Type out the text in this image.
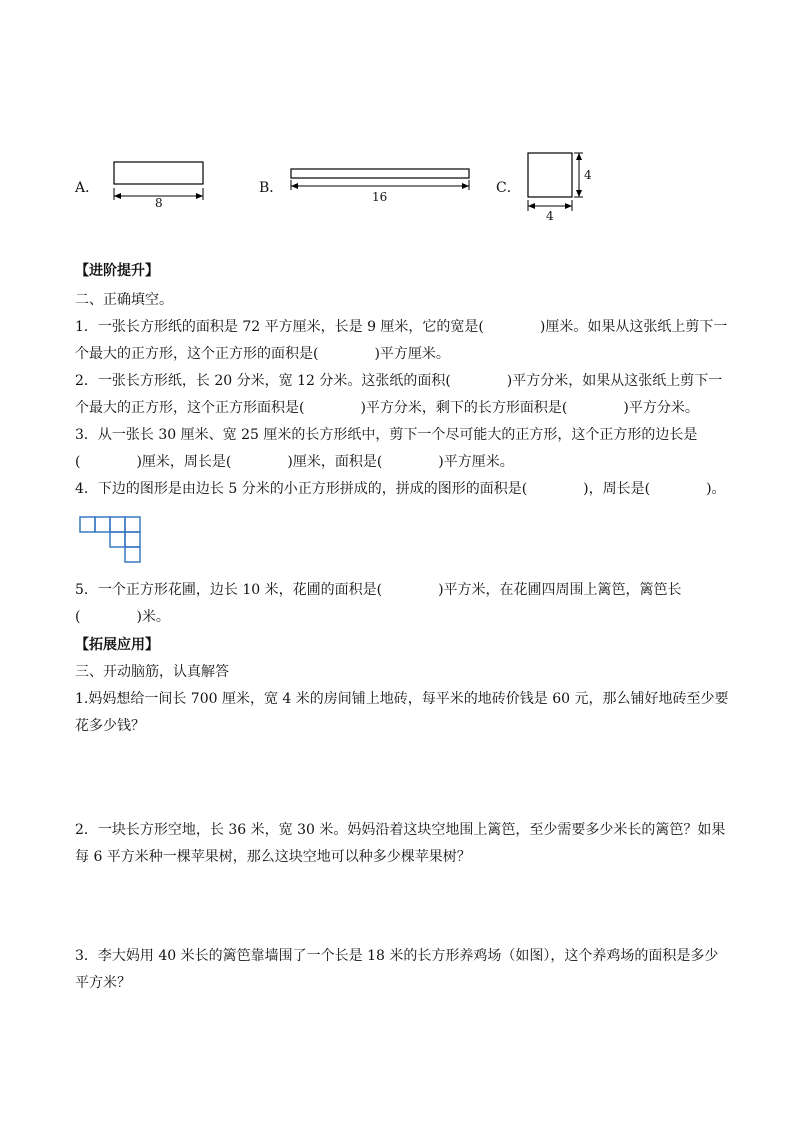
A．
8
B．
16
C．
4
4
【进阶提升】
二、正确填空。
1．一张长方形纸的面积是 72 平方厘米，长是 9 厘米，它的宽是(　　　　)厘米。如果从这张纸上剪下一
个最大的正方形，这个正方形的面积是(　　　　)平方厘米。
2．一张长方形纸，长 20 分米，宽 12 分米。这张纸的面积(　　　　)平方分米，如果从这张纸上剪下一
个最大的正方形，这个正方形面积是(　　　　)平方分米，剩下的长方形面积是(　　　　)平方分米。
3．从一张长 30 厘米、宽 25 厘米的长方形纸中，剪下一个尽可能大的正方形，这个正方形的边长是
(　　　　)厘米，周长是(　　　　)厘米，面积是(　　　　)平方厘米。
4．下边的图形是由边长 5 分米的小正方形拼成的，拼成的图形的面积是(　　　　)，周长是(　　　　)。
5．一个正方形花圃，边长 10 米，花圃的面积是(　　　　)平方米，在花圃四周围上篱笆，篱笆长
(　　　　)米。
【拓展应用】
三、开动脑筋，认真解答
1.妈妈想给一间长 700 厘米，宽 4 米的房间铺上地砖，每平米的地砖价钱是 60 元，那么铺好地砖至少要
花多少钱？
2．一块长方形空地，长 36 米，宽 30 米。妈妈沿着这块空地围上篱笆，至少需要多少米长的篱笆？如果
每 6 平方米种一棵苹果树，那么这块空地可以种多少棵苹果树？
3．李大妈用 40 米长的篱笆靠墙围了一个长是 18 米的长方形养鸡场（如图），这个养鸡场的面积是多少
平方米？
